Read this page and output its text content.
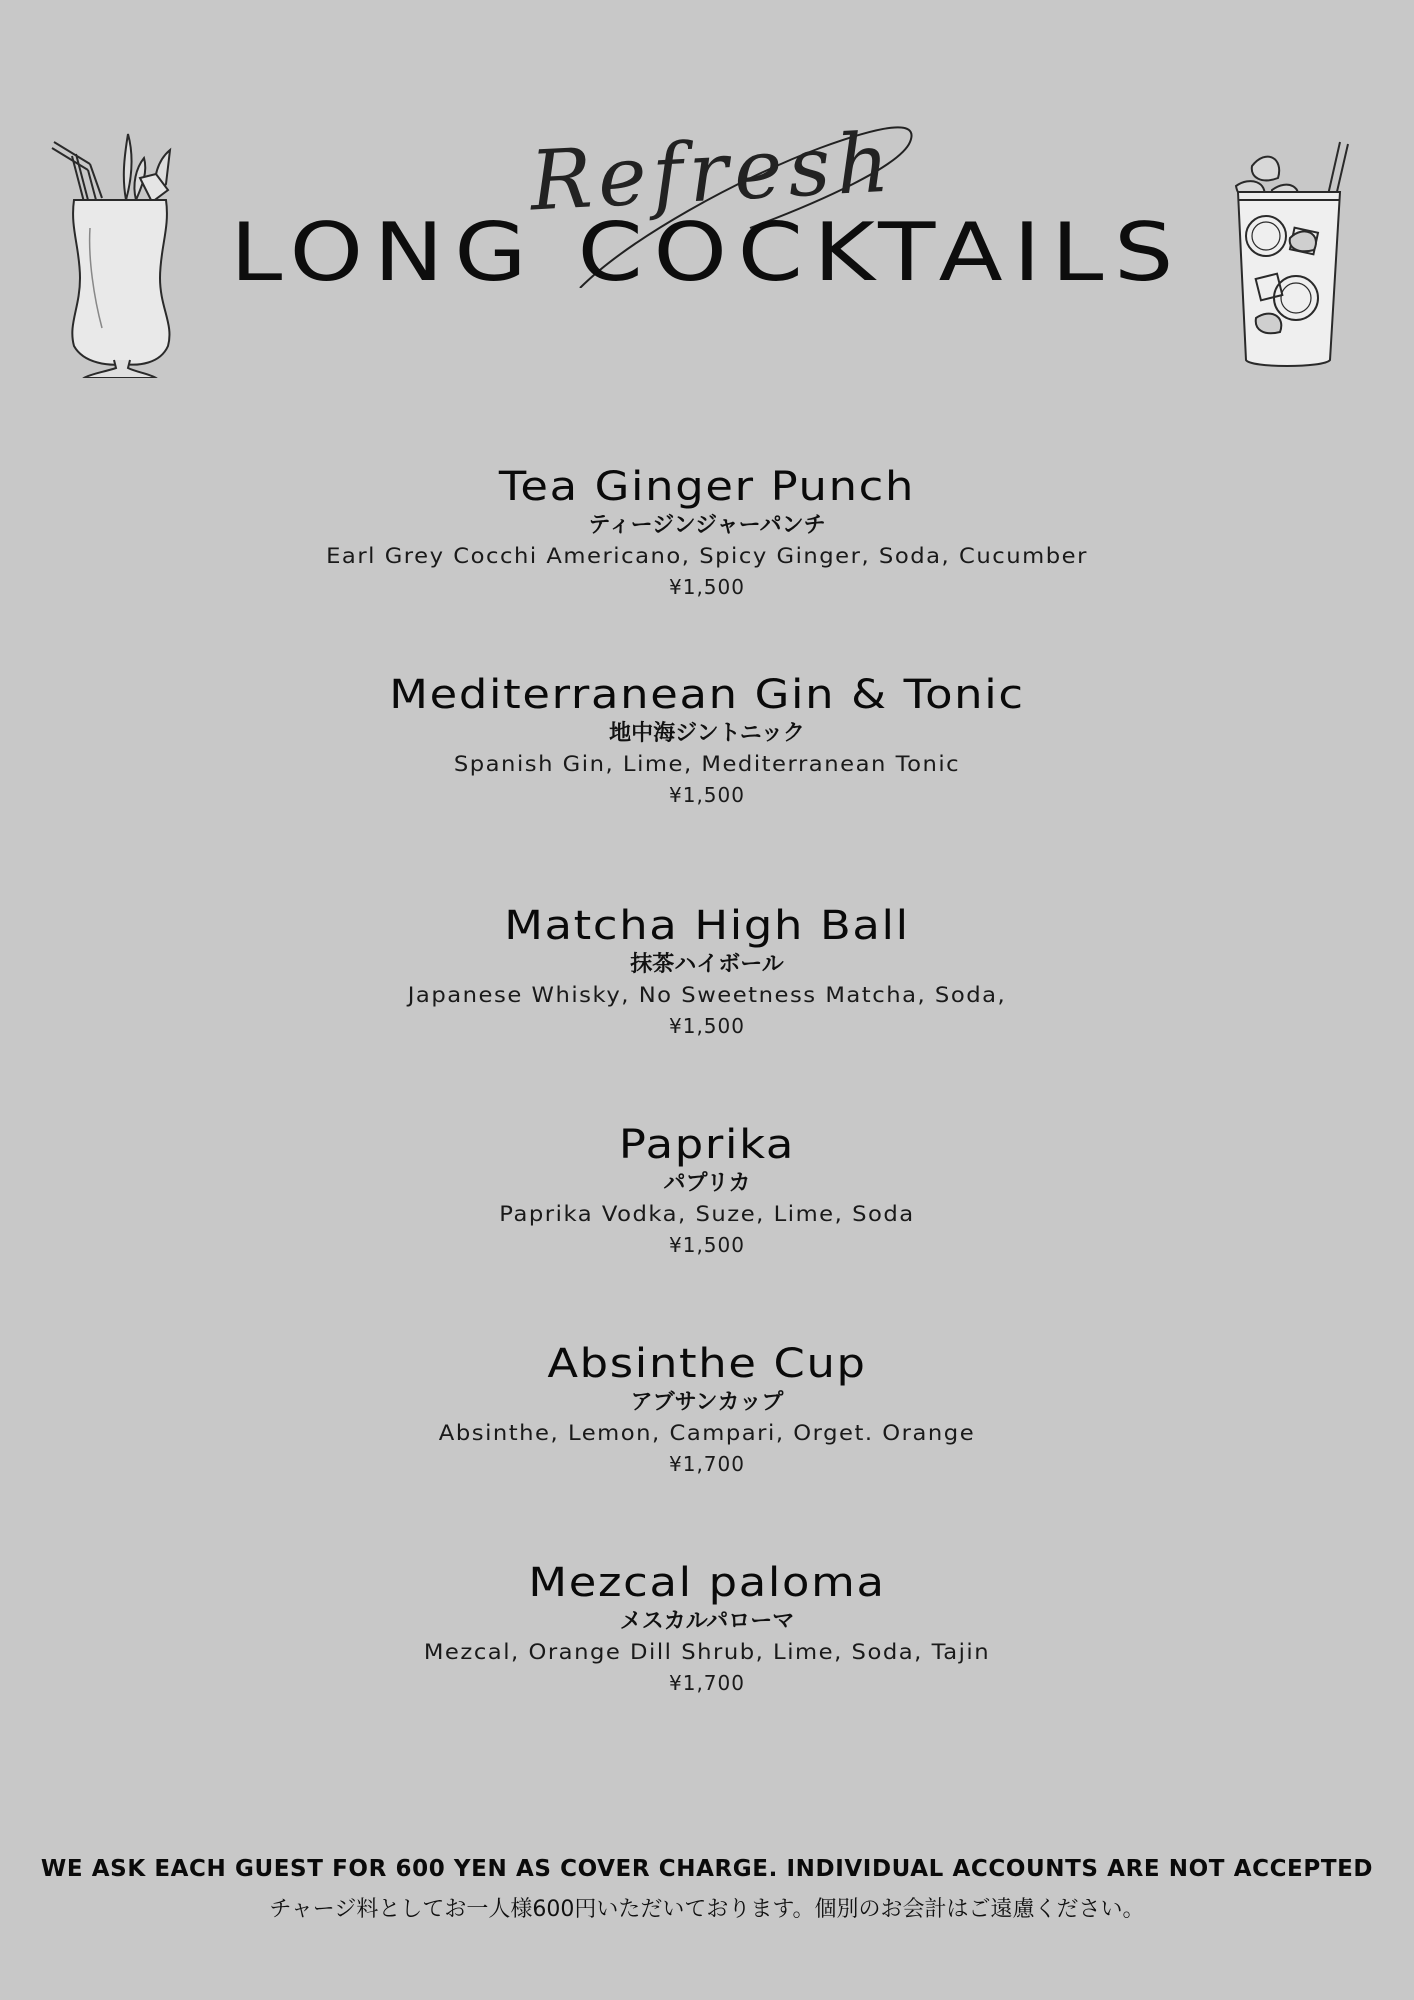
Refresh
LONG COCKTAILS
Tea Ginger Punch
ティージンジャーパンチ
Earl Grey Cocchi Americano, Spicy Ginger, Soda, Cucumber
¥1,500
Mediterranean Gin & Tonic
地中海ジントニック
Spanish Gin, Lime, Mediterranean Tonic
¥1,500
Matcha High Ball
抹茶ハイボール
Japanese Whisky, No Sweetness Matcha, Soda,
¥1,500
Paprika
パプリカ
Paprika Vodka, Suze, Lime, Soda
¥1,500
Absinthe Cup
アブサンカップ
Absinthe, Lemon, Campari, Orget. Orange
¥1,700
Mezcal paloma
メスカルパローマ
Mezcal, Orange Dill Shrub, Lime, Soda, Tajin
¥1,700
WE ASK EACH GUEST FOR 600 YEN AS COVER CHARGE. INDIVIDUAL ACCOUNTS ARE NOT ACCEPTED
チャージ料としてお一人様600円いただいております。個別のお会計はご遠慮ください。
